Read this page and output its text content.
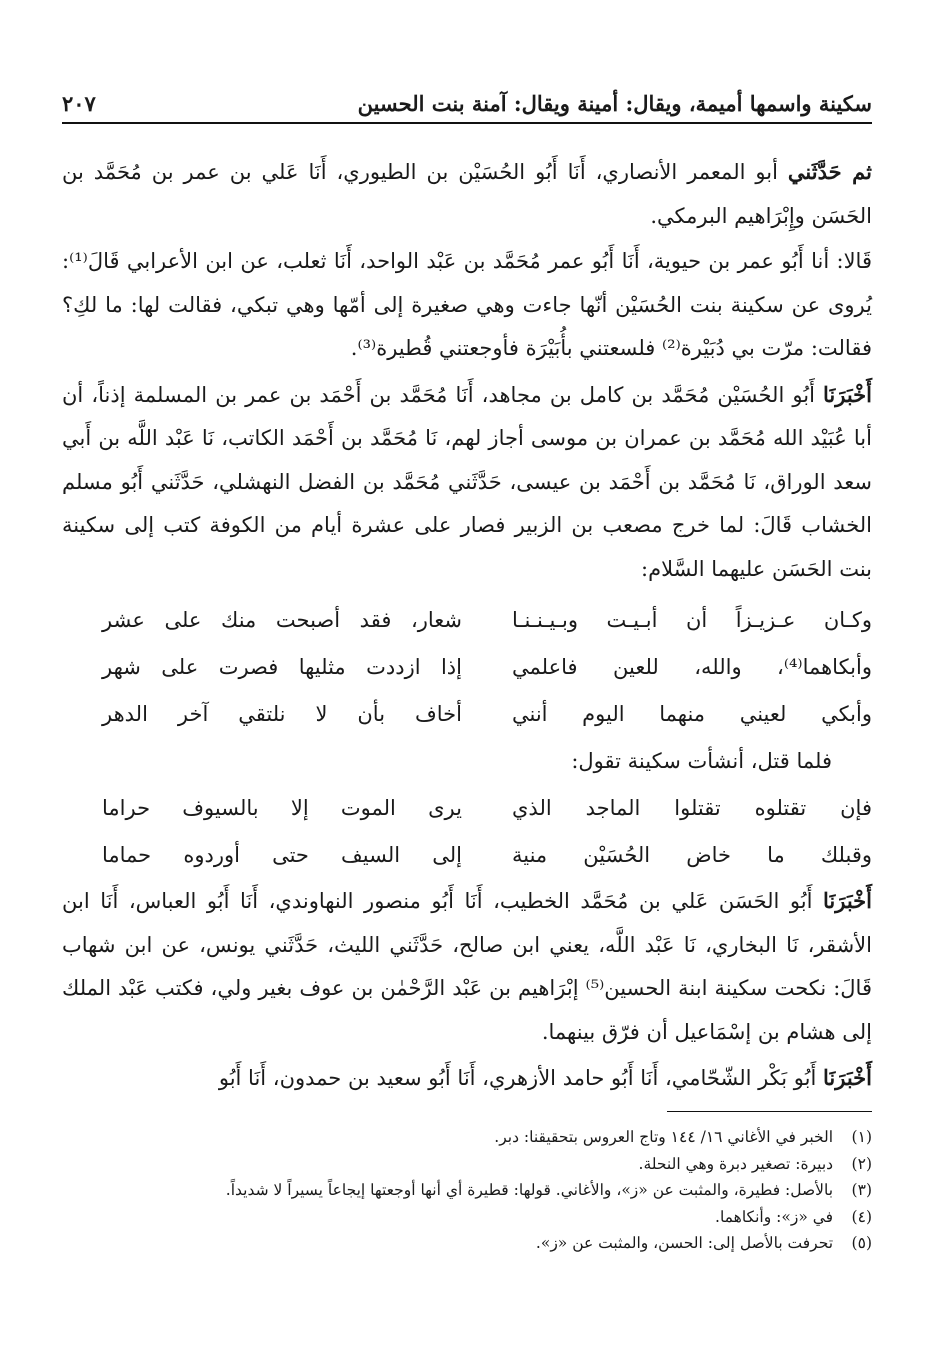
سكينة واسمها أميمة، ويقال: أمينة ويقال: آمنة بنت الحسين
٢٠٧

ثم حَدَّثَني أبو المعمر الأنصاري، أَنَا أَبُو الحُسَيْن بن الطيوري، أَنَا عَلي بن عمر بن مُحَمَّد بن الحَسَن وإِبْرَاهيم البرمكي.

قَالا: أنا أَبُو عمر بن حيوية، أَنَا أَبُو عمر مُحَمَّد بن عَبْد الواحد، أَنَا ثعلب، عن ابن الأعرابي قَالَ⁽¹⁾: يُروى عن سكينة بنت الحُسَيْن أنّها جاءت وهي صغيرة إلى أمّها وهي تبكي، فقالت لها: ما لكِ؟ فقالت: مرّت بي دُبَيْرة⁽²⁾ فلسعتني بأُبَيْرَة فأوجعتني قُطيرة⁽³⁾.

أَخْبَرَنَا أَبُو الحُسَيْن مُحَمَّد بن كامل بن مجاهد، أَنَا مُحَمَّد بن أَحْمَد بن عمر بن المسلمة إذناً، أن أبا عُبَيْد الله مُحَمَّد بن عمران بن موسى أجاز لهم، نَا مُحَمَّد بن أَحْمَد الكاتب، نَا عَبْد اللَّه بن أَبي سعد الوراق، نَا مُحَمَّد بن أَحْمَد بن عيسى، حَدَّثَني مُحَمَّد بن الفضل النهشلي، حَدَّثَني أَبُو مسلم الخشاب قَالَ: لما خرج مصعب بن الزبير فصار على عشرة أيام من الكوفة كتب إلى سكينة بنت الحَسَن عليهما السَّلام:

وكـان عـزيـزاً أن أبـيـت وبـيـنـنـا
شعار، فقد أصبحت منك على عشر
وأبكاهما⁽⁴⁾، والله، للعين فاعلمي
إذا ازددت مثليها فصرت على شهر
وأبكي لعيني منهما اليوم أنني
أخاف بأن لا نلتقي آخر الدهر
فلما قتل، أنشأت سكينة تقول:
فإن تقتلوه تقتلوا الماجد الذي
يرى الموت إلا بالسيوف حراما
وقبلك ما خاض الحُسَيْن منية
إلى السيف حتى أوردوه حماما

أَخْبَرَنَا أَبُو الحَسَن عَلي بن مُحَمَّد الخطيب، أَنَا أَبُو منصور النهاوندي، أَنَا أَبُو العباس، أَنَا ابن الأشقر، نَا البخاري، نَا عَبْد اللَّه، يعني ابن صالح، حَدَّثَني الليث، حَدَّثَني يونس، عن ابن شهاب قَالَ: نكحت سكينة ابنة الحسين⁽⁵⁾ إبْرَاهيم بن عَبْد الرَّحْمٰن بن عوف بغير ولي، فكتب عَبْد الملك إلى هشام بن إسْمَاعيل أن فرّق بينهما.

أَخْبَرَنَا أَبُو بَكْر الشّحّامي، أَنَا أَبُو حامد الأزهري، أَنَا أَبُو سعيد بن حمدون، أَنَا أَبُو

(١) الخبر في الأغاني ١٦/ ١٤٤ وتاج العروس بتحقيقنا: دبر.
(٢) دبيرة: تصغير دبرة وهي النحلة.
(٣) بالأصل: فطيرة، والمثبت عن «ز»، والأغاني. قولها: قطيرة أي أنها أوجعتها إيجاعاً يسيراً لا شديداً.
(٤) في «ز»: وأنكاهما.
(٥) تحرفت بالأصل إلى: الحسن، والمثبت عن «ز».
